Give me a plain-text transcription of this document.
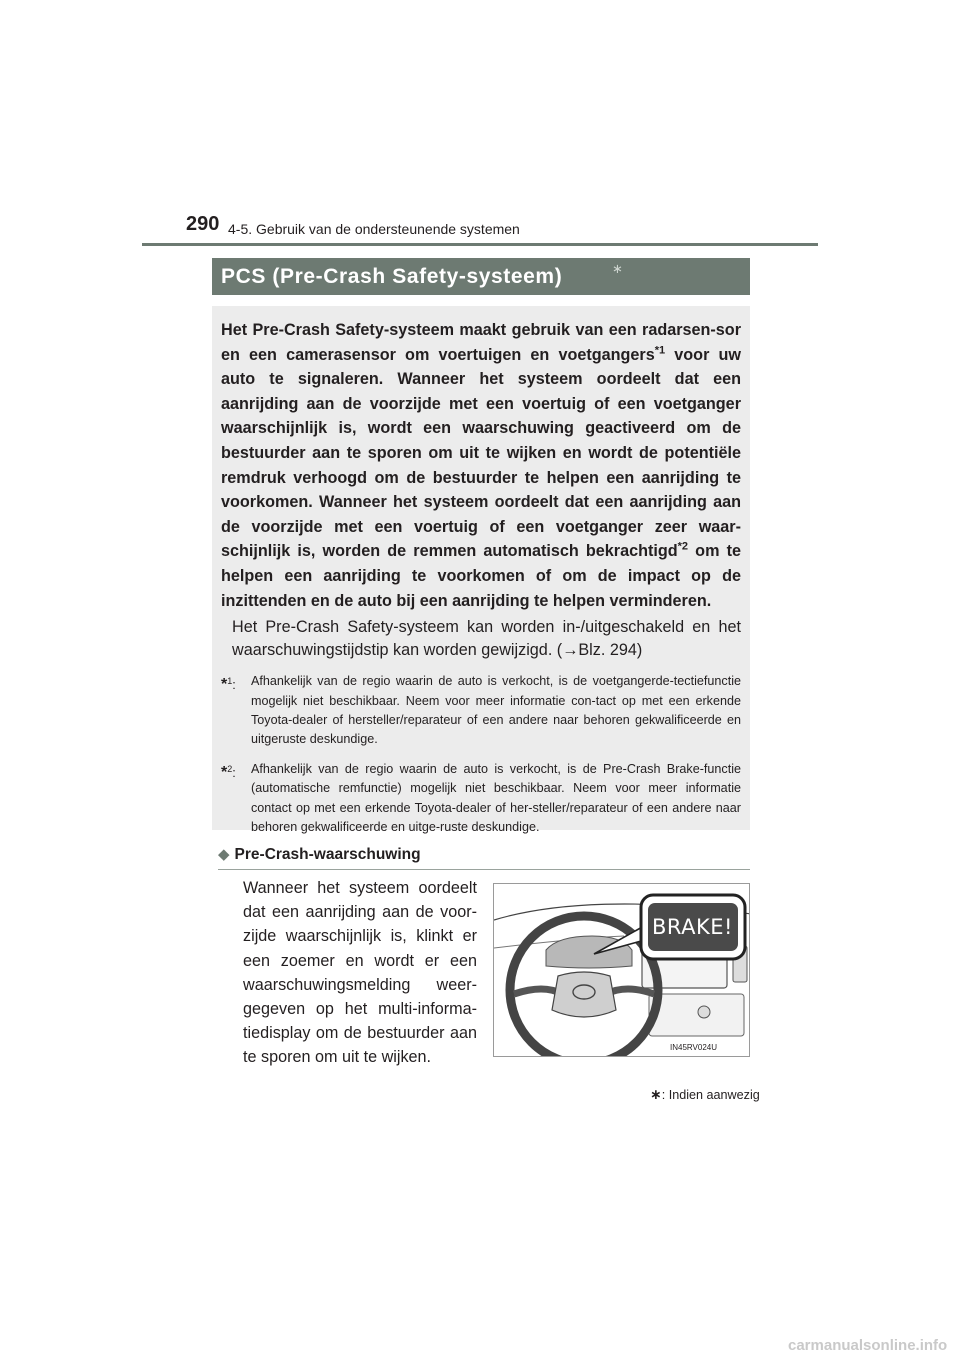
290 4-5. Gebruik van de ondersteunende systemen
PCS (Pre-Crash Safety-systeem)	∗

Het Pre-Crash Safety-systeem maakt gebruik van een radarsen-sor en een camerasensor om voertuigen en voetgangers$^{*1}$ voor uw auto te signaleren. Wanneer het systeem oordeelt dat een aanrijding aan de voorzijde met een voertuig of een voetganger waarschijnlijk is, wordt een waarschuwing geactiveerd om de bestuurder aan te sporen om uit te wijken en wordt de potentiële remdruk verhoogd om de bestuurder te helpen een aanrijding te voorkomen. Wanneer het systeem oordeelt dat een aanrijding aan de voorzijde met een voertuig of een voetganger zeer waar-schijnlijk is, worden de remmen automatisch bekrachtigd$^{*2}$ om te helpen een aanrijding te voorkomen of om de impact op de inzittenden en de auto bij een aanrijding te helpen verminderen.

Het Pre-Crash Safety-systeem kan worden in-/uitgeschakeld en het waarschuwingstijdstip kan worden gewijzigd. (→Blz. 294)

*$^1$: Afhankelijk van de regio waarin de auto is verkocht, is de voetgangerde-tectiefunctie mogelijk niet beschikbaar. Neem voor meer informatie con-tact op met een erkende Toyota-dealer of hersteller/reparateur of een andere naar behoren gekwalificeerde en uitgeruste deskundige.
*$^2$: Afhankelijk van de regio waarin de auto is verkocht, is de Pre-Crash Brake-functie (automatische remfunctie) mogelijk niet beschikbaar. Neem voor meer informatie contact op met een erkende Toyota-dealer of her-steller/reparateur of een andere naar behoren gekwalificeerde en uitge-ruste deskundige.
◆ Pre-Crash-waarschuwing
Wanneer het systeem oordeelt dat een aanrijding aan de voor-zijde waarschijnlijk is, klinkt er een zoemer en wordt er een waarschuwingsmelding weer-gegeven op het multi-informa-tiedisplay om de bestuurder aan te sporen om uit te wijken.
BRAKE!
IN45RV024U
∗: Indien aanwezig
carmanualsonline.info
